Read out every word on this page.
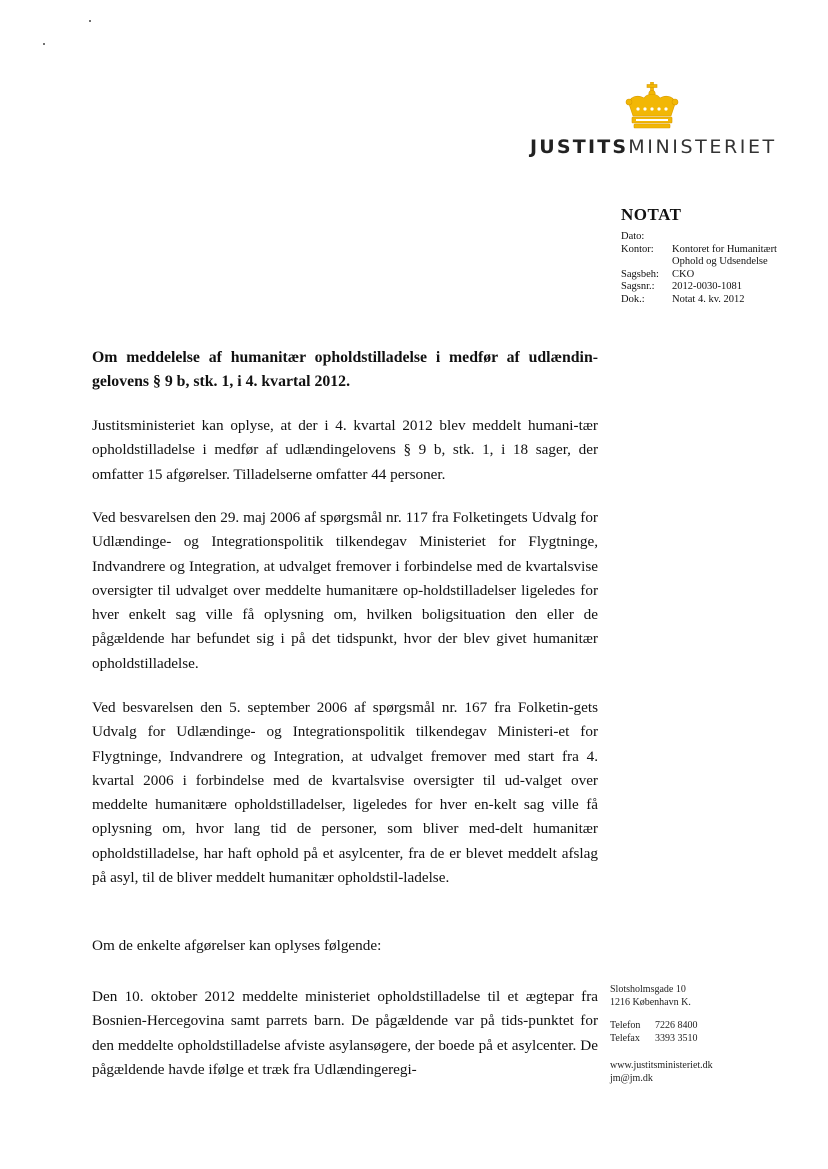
JUSTITSMINISTERIET
NOTAT
Dato:
Kontor:	Kontoret for Humanitært Ophold og Udsendelse
Sagsbeh:	CKO
Sagsnr.:	2012-0030-1081
Dok.:	Notat 4. kv. 2012

Om meddelelse af humanitær opholdstilladelse i medfør af udlændin-gelovens § 9 b, stk. 1, i 4. kvartal 2012.

Justitsministeriet kan oplyse, at der i 4. kvartal 2012 blev meddelt humani-tær opholdstilladelse i medfør af udlændingelovens § 9 b, stk. 1, i 18 sager, der omfatter 15 afgørelser. Tilladelserne omfatter 44 personer.

Ved besvarelsen den 29. maj 2006 af spørgsmål nr. 117 fra Folketingets Udvalg for Udlændinge- og Integrationspolitik tilkendegav Ministeriet for Flygtninge, Indvandrere og Integration, at udvalget fremover i forbindelse med de kvartalsvise oversigter til udvalget over meddelte humanitære op-holdstilladelser ligeledes for hver enkelt sag ville få oplysning om, hvilken boligsituation den eller de pågældende har befundet sig i på det tidspunkt, hvor der blev givet humanitær opholdstilladelse.

Ved besvarelsen den 5. september 2006 af spørgsmål nr. 167 fra Folketin-gets Udvalg for Udlændinge- og Integrationspolitik tilkendegav Ministeri-et for Flygtninge, Indvandrere og Integration, at udvalget fremover med start fra 4. kvartal 2006 i forbindelse med de kvartalsvise oversigter til ud-valget over meddelte humanitære opholdstilladelser, ligeledes for hver en-kelt sag ville få oplysning om, hvor lang tid de personer, som bliver med-delt humanitær opholdstilladelse, har haft ophold på et asylcenter, fra de er blevet meddelt afslag på asyl, til de bliver meddelt humanitær opholdstil-ladelse.

Om de enkelte afgørelser kan oplyses følgende:

Den 10. oktober 2012 meddelte ministeriet opholdstilladelse til et ægtepar fra Bosnien-Hercegovina samt parrets barn. De pågældende var på tids-punktet for den meddelte opholdstilladelse afviste asylansøgere, der boede på et asylcenter. De pågældende havde ifølge et træk fra Udlændingeregi-

Slotsholmsgade 10
1216 København K.
Telefon	7226 8400
Telefax	3393 3510
www.justitsministeriet.dk
jm@jm.dk
